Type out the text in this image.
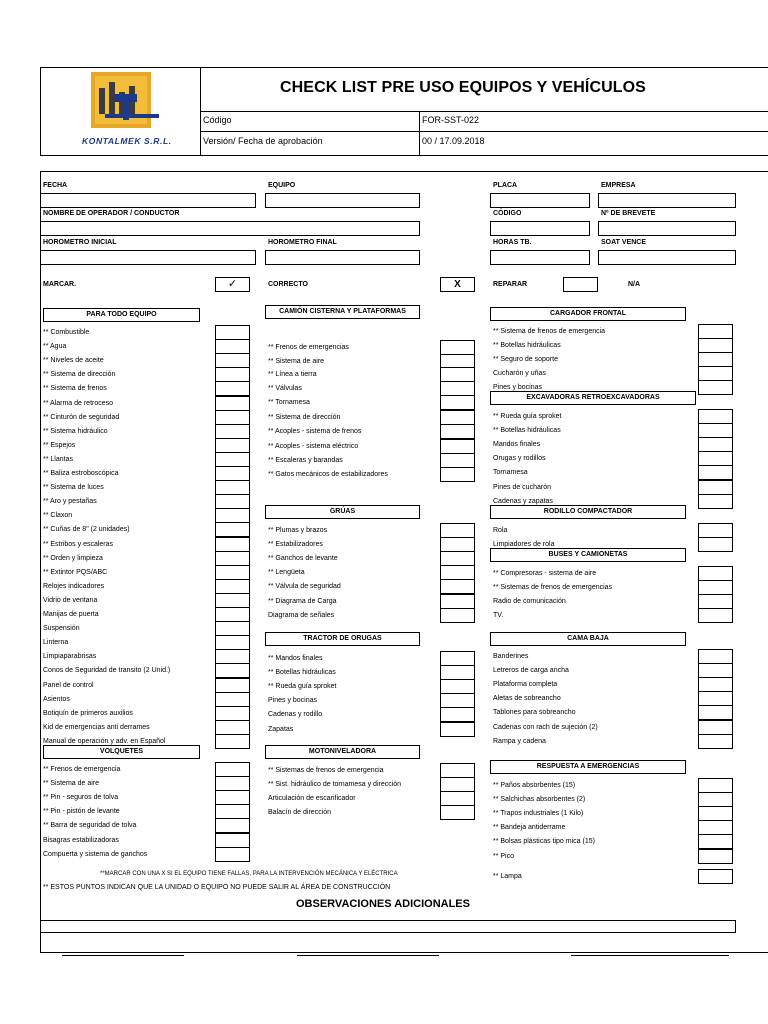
KONTALMEK S.R.L.
CHECK LIST PRE USO EQUIPOS Y VEHÍCULOS
Código	FOR-SST-022
Versión/ Fecha de aprobación	00 / 17.09.2018
FECHA	EQUIPO	PLACA	EMPRESA
NOMBRE DE OPERADOR / CONDUCTOR	CÓDIGO	Nº DE BREVETE
HOROMETRO INICIAL	HOROMETRO FINAL	HORAS TB.	SOAT VENCE
MARCAR.	✓	CORRECTO	X	REPARAR	N/A
PARA TODO EQUIPO
** Combustible
** Agua
** Niveles de aceite
** Sistema de dirección
** Sistema de frenos
** Alarma de retroceso
** Cinturón de seguridad
** Sistema hidráulico
** Espejos
** Llantas
** Baliza estroboscópica
** Sistema de luces
** Aro y pestañas
** Claxon
** Cuñas de 8" (2 unidades)
** Estribos y escaleras
** Orden y limpieza
** Extintor PQS/ABC
Relojes indicadores
Vidrio de ventana
Manijas de puerta
Suspensión
Linterna
Limpiaparabrisas
Conos de Seguridad de transito (2 Unid.)
Panel de control
Asientos
Botiquín de primeros auxilios
Kid de emergencias anti derrames
Manual de operación y adv. en Español
VOLQUETES
** Frenos de emergencia
** Sistema de aire
** Pin - seguros de tolva
** Pin - pistón de levante
** Barra de seguridad de tolva
Bisagras estabilizadoras
Compuerta y sistema de ganchos
CAMIÓN CISTERNA Y PLATAFORMAS
** Frenos de emergencias
** Sistema de aire
** Línea a tierra
** Válvulas
** Tornamesa
** Sistema de dirección
** Acoples - sistema de frenos
** Acoples - sistema eléctrico
** Escaleras y barandas
** Gatos mecánicos de estabilizadores
GRÚAS
** Plumas y brazos
** Estabilizadores
** Ganchos de levante
** Lengüeta
** Válvula de seguridad
** Diagrama de Carga
Diagrama de señales
TRACTOR DE ORUGAS
** Mandos finales
** Botellas hidráulicas
** Rueda guía sproket
Pines y bocinas
Cadenas y rodillo
Zapatas
MOTONIVELADORA
** Sistemas de frenos de emergencia
** Sist. hidráulico de tornamesa y dirección
Articulación de escarificador
Balacín de dirección
CARGADOR FRONTAL
** Sistema de frenos de emergencia
** Botellas hidráulicas
** Seguro de soporte
Cucharón y uñas
Pines y bocinas
EXCAVADORAS RETROEXCAVADORAS
** Rueda guía sproket
** Botellas hidráulicas
Mandos finales
Orugas y rodillos
Tornamesa
Pines de cucharón
Cadenas y zapatas
RODILLO COMPACTADOR
Rola
Limpiadores de rola
BUSES Y CAMIONETAS
** Compresoras - sistema de aire
** Sistemas de frenos de emergencias
Radio de comunicación
TV.
CAMA BAJA
Banderines
Letreros de carga ancha
Plataforma completa
Aletas de sobreancho
Tablones para sobreancho
Cadenas con rach de sujeción (2)
Rampa y cadena
RESPUESTA A EMERGENCIAS
** Paños absorbentes (15)
** Salchichas absorbentes (2)
** Trapos industriales (1 Kilo)
** Bandeja antiderrame
** Bolsas plásticas tipo mica (15)
** Pico
** Lampa
**MARCAR CON UNA X SI EL EQUIPO TIENE FALLAS, PARA LA INTERVENCIÓN MECÁNICA Y ELÉCTRICA
** ESTOS PUNTOS INDICAN QUE LA UNIDAD O EQUIPO NO PUEDE SALIR AL ÁREA DE CONSTRUCCIÓN
OBSERVACIONES ADICIONALES
